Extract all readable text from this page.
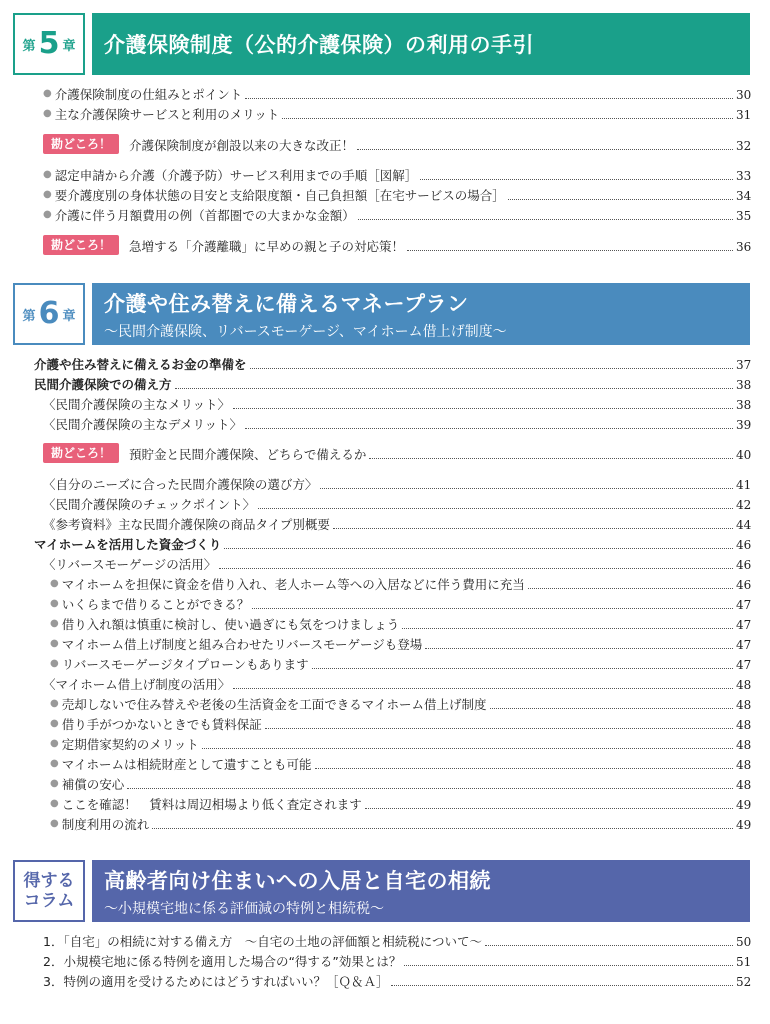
第 5 章 介護保険制度（公的介護保険）の利用の手引
● 介護保険制度の仕組みとポイント	30
● 主な介護保険サービスと利用のメリット	31
勘どころ！	介護保険制度が創設以来の大きな改正！	32
● 認定申請から介護（介護予防）サービス利用までの手順［図解］	33
● 要介護度別の身体状態の目安と支給限度額・自己負担額［在宅サービスの場合］	34
● 介護に伴う月額費用の例（首都圏での大まかな金額）	35
勘どころ！	急増する「介護離職」に早めの親と子の対応策！	36
第 6 章
介護や住み替えに備えるマネープラン
～民間介護保険、リバースモーゲージ、マイホーム借上げ制度～
介護や住み替えに備えるお金の準備を	37
民間介護保険での備え方	38
〈民間介護保険の主なメリット〉	38
〈民間介護保険の主なデメリット〉	39
勘どころ！	預貯金と民間介護保険、どちらで備えるか	40
〈自分のニーズに合った民間介護保険の選び方〉	41
〈民間介護保険のチェックポイント〉	42
《参考資料》主な民間介護保険の商品タイプ別概要	44
マイホームを活用した資金づくり	46
〈リバースモーゲージの活用〉	46
● マイホームを担保に資金を借り入れ、老人ホーム等への入居などに伴う費用に充当	46
● いくらまで借りることができる？	47
● 借り入れ額は慎重に検討し、使い過ぎにも気をつけましょう	47
● マイホーム借上げ制度と組み合わせたリバースモーゲージも登場	47
● リバースモーゲージタイプローンもあります	47
〈マイホーム借上げ制度の活用〉	48
● 売却しないで住み替えや老後の生活資金を工面できるマイホーム借上げ制度	48
● 借り手がつかないときでも賃料保証	48
● 定期借家契約のメリット	48
● マイホームは相続財産として遺すことも可能	48
● 補償の安心	48
● ここを確認！　賃料は周辺相場より低く査定されます	49
● 制度利用の流れ	49
得する
コラム
高齢者向け住まいへの入居と自宅の相続
～小規模宅地に係る評価減の特例と相続税～
1．「自宅」の相続に対する備え方　～自宅の土地の評価額と相続税について～	50
2．小規模宅地に係る特例を適用した場合の“得する”効果とは？	51
3．特例の適用を受けるためにはどうすればいい？［Ｑ＆Ａ］	52
